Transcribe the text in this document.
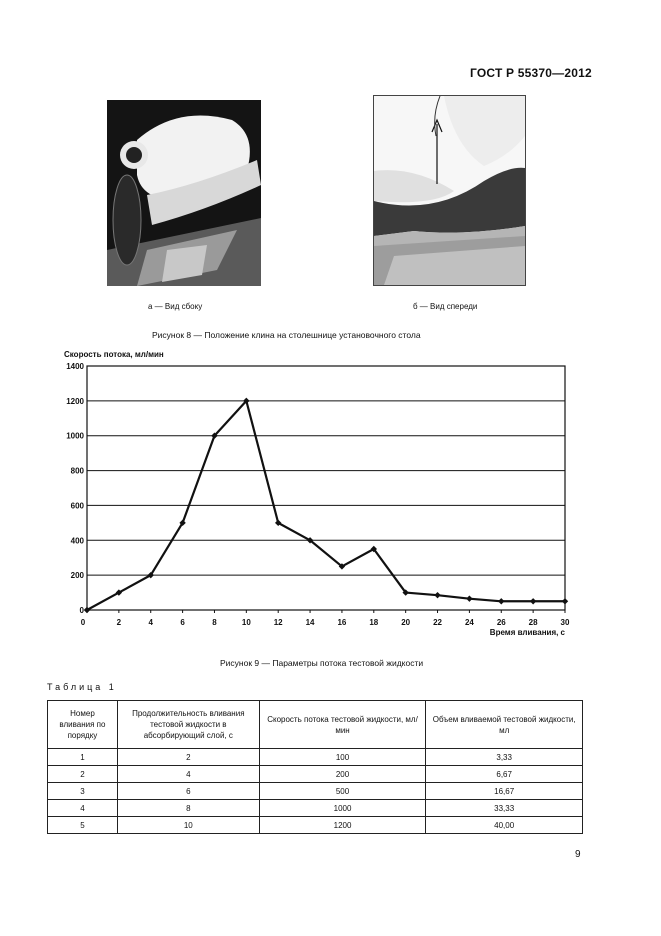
ГОСТ Р 55370—2012
а — Вид сбоку	б — Вид спереди
Рисунок 8 — Положение клина на столешнице установочного стола
0
200
400
600
800
1000
1200
1400
0	2	4	6	8	10	12	14	16	18	20	22	24	26	28	30
Скорость потока, мл/мин
Время вливания, с
Рисунок 9 — Параметры потока тестовой жидкости
Таблица 1
Номер вливания по порядку	Продолжительность вливания тестовой жидкости в абсорбирующий слой, с	Скорость потока тестовой жидкости, мл/мин	Объем вливаемой тестовой жидкости, мл
1	2	100	3,33
2	4	200	6,67
3	6	500	16,67
4	8	1000	33,33
5	10	1200	40,00
9
